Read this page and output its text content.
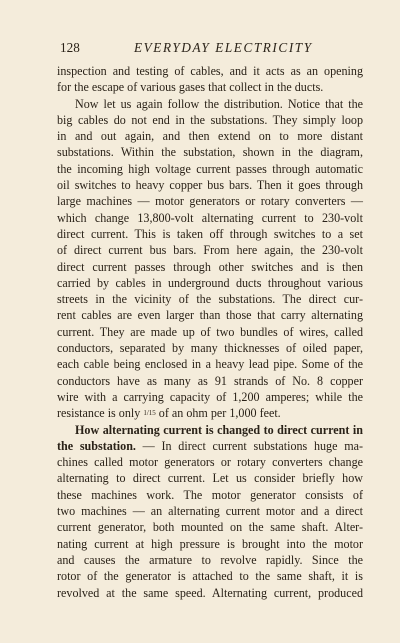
128	EVERYDAY ELECTRICITY
inspection and testing of cables, and it acts as an opening
for the escape of various gases that collect in the ducts.
Now let us again follow the distribution. Notice that the
big cables do not end in the substations. They simply loop
in and out again, and then extend on to more distant
substations. Within the substation, shown in the diagram,
the incoming high voltage current passes through automatic
oil switches to heavy copper bus bars. Then it goes through
large machines — motor generators or rotary converters —
which change 13,800-volt alternating current to 230-volt
direct current. This is taken off through switches to a set
of direct current bus bars. From here again, the 230-volt
direct current passes through other switches and is then
carried by cables in underground ducts throughout various
streets in the vicinity of the substations. The direct cur-
rent cables are even larger than those that carry alternating
current. They are made up of two bundles of wires, called
conductors, separated by many thicknesses of oiled paper,
each cable being enclosed in a heavy lead pipe. Some of the
conductors have as many as 91 strands of No. 8 copper
wire with a carrying capacity of 1,200 amperes; while the
resistance is only 1/15 of an ohm per 1,000 feet.
How alternating current is changed to direct current in
the substation. — In direct current substations huge ma-
chines called motor generators or rotary converters change
alternating to direct current. Let us consider briefly how
these machines work. The motor generator consists of
two machines — an alternating current motor and a direct
current generator, both mounted on the same shaft. Alter-
nating current at high pressure is brought into the motor
and causes the armature to revolve rapidly. Since the
rotor of the generator is attached to the same shaft, it is
revolved at the same speed. Alternating current, produced
